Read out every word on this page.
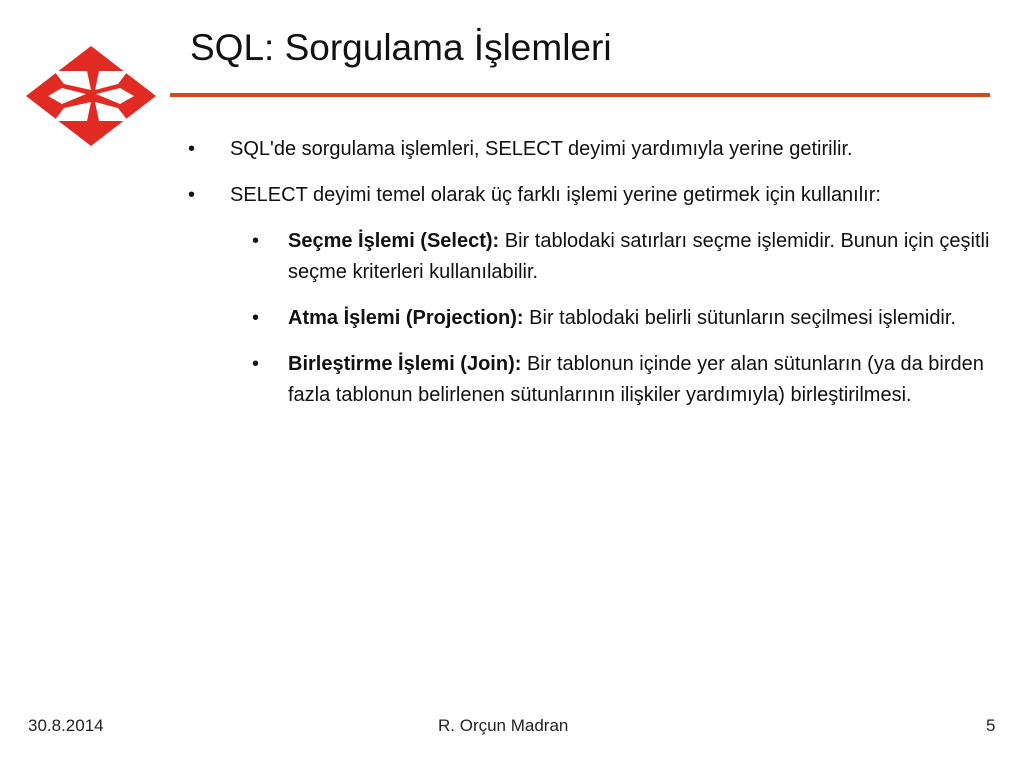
SQL: Sorgulama İşlemleri
•	SQL'de sorgulama işlemleri, SELECT deyimi yardımıyla yerine getirilir.
•	SELECT deyimi temel olarak üç farklı işlemi yerine getirmek için kullanılır:
•	Seçme İşlemi (Select): Bir tablodaki satırları seçme işlemidir. Bunun için çeşitli seçme kriterleri kullanılabilir.
•	Atma İşlemi (Projection): Bir tablodaki belirli sütunların seçilmesi işlemidir.
•	Birleştirme İşlemi (Join): Bir tablonun içinde yer alan sütunların (ya da birden fazla tablonun belirlenen sütunlarının ilişkiler yardımıyla) birleştirilmesi.
30.8.2014	R. Orçun Madran	5
